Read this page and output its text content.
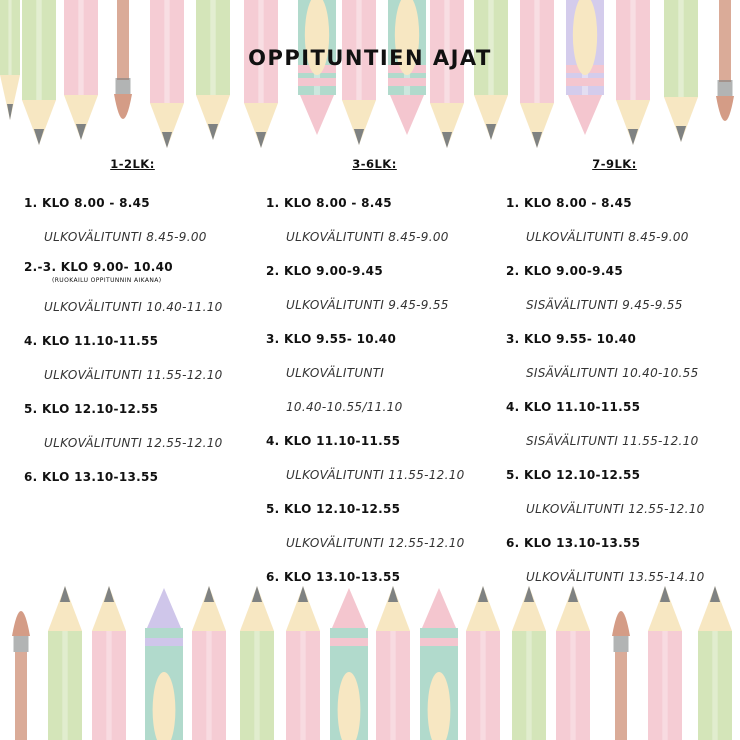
OPPITUNTIEN AJAT
1-2LK:
1. KLO 8.00 - 8.45
ULKOVÄLITUNTI 8.45-9.00
2.-3. KLO 9.00- 10.40
(RUOKAILU OPPITUNNIN AIKANA)
ULKOVÄLITUNTI 10.40-11.10
4. KLO 11.10-11.55
ULKOVÄLITUNTI 11.55-12.10
5. KLO 12.10-12.55
ULKOVÄLITUNTI 12.55-12.10
6. KLO 13.10-13.55
3-6LK:
1. KLO 8.00 - 8.45
ULKOVÄLITUNTI 8.45-9.00
2. KLO 9.00-9.45
ULKOVÄLITUNTI 9.45-9.55
3. KLO 9.55- 10.40
ULKOVÄLITUNTI
10.40-10.55/11.10
4. KLO 11.10-11.55
ULKOVÄLITUNTI 11.55-12.10
5. KLO 12.10-12.55
ULKOVÄLITUNTI 12.55-12.10
6. KLO 13.10-13.55
7-9LK:
1. KLO 8.00 - 8.45
ULKOVÄLITUNTI 8.45-9.00
2. KLO 9.00-9.45
SISÄVÄLITUNTI 9.45-9.55
3. KLO 9.55- 10.40
SISÄVÄLITUNTI 10.40-10.55
4. KLO 11.10-11.55
SISÄVÄLITUNTI 11.55-12.10
5. KLO 12.10-12.55
ULKOVÄLITUNTI 12.55-12.10
6. KLO 13.10-13.55
ULKOVÄLITUNTI 13.55-14.10
